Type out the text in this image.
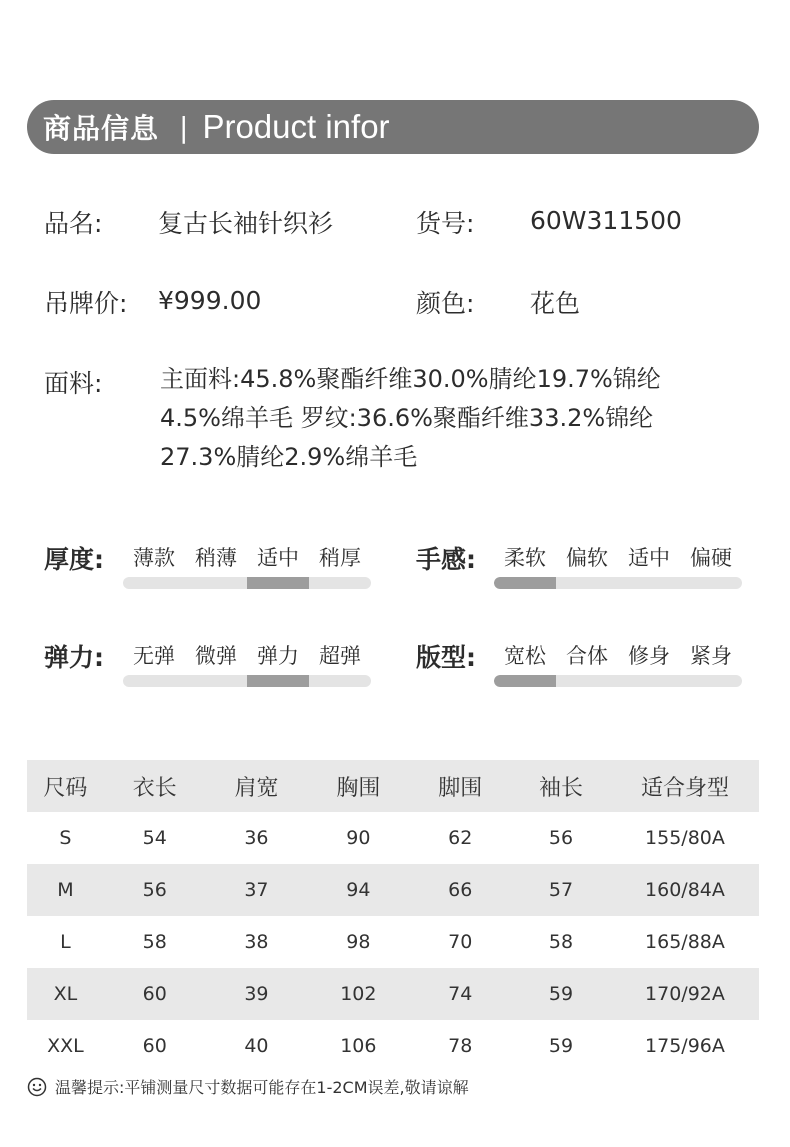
商品信息 | Product infor
品名: 复古长袖针织衫	货号: 60W311500
吊牌价: ¥999.00	颜色: 花色
面料: 主面料:45.8%聚酯纤维30.0%腈纶19.7%锦纶
4.5%绵羊毛 罗纹:36.6%聚酯纤维33.2%锦纶
27.3%腈纶2.9%绵羊毛
厚度:	薄款 稍薄 适中 稍厚	手感:	柔软 偏软 适中 偏硬
弹力:	无弹 微弹 弹力 超弹	版型:	宽松 合体 修身 紧身
尺码	衣长	肩宽	胸围	脚围	袖长	适合身型
S	54	36	90	62	56	155/80A
M	56	37	94	66	57	160/84A
L	58	38	98	70	58	165/88A
XL	60	39	102	74	59	170/92A
XXL	60	40	106	78	59	175/96A
温馨提示:平铺测量尺寸数据可能存在1-2CM误差,敬请谅解
